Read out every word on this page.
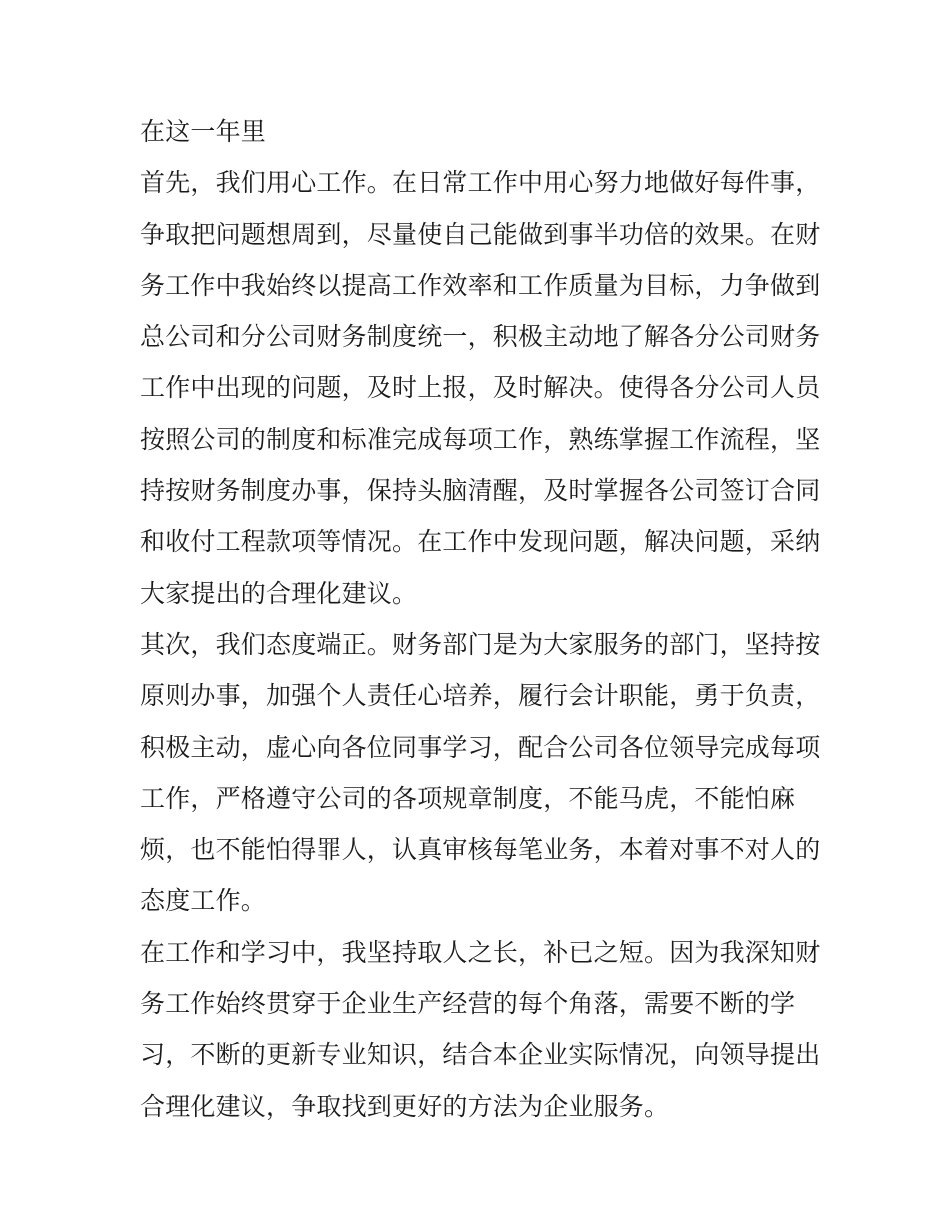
在这一年里
首先，我们用心工作。在日常工作中用心努力地做好每件事，
争取把问题想周到，尽量使自己能做到事半功倍的效果。在财
务工作中我始终以提高工作效率和工作质量为目标，力争做到
总公司和分公司财务制度统一，积极主动地了解各分公司财务
工作中出现的问题，及时上报，及时解决。使得各分公司人员
按照公司的制度和标准完成每项工作，熟练掌握工作流程，坚
持按财务制度办事，保持头脑清醒，及时掌握各公司签订合同
和收付工程款项等情况。在工作中发现问题，解决问题，采纳
大家提出的合理化建议。
其次，我们态度端正。财务部门是为大家服务的部门，坚持按
原则办事，加强个人责任心培养，履行会计职能，勇于负责，
积极主动，虚心向各位同事学习，配合公司各位领导完成每项
工作，严格遵守公司的各项规章制度，不能马虎，不能怕麻
烦，也不能怕得罪人，认真审核每笔业务，本着对事不对人的
态度工作。
在工作和学习中，我坚持取人之长，补已之短。因为我深知财
务工作始终贯穿于企业生产经营的每个角落，需要不断的学
习，不断的更新专业知识，结合本企业实际情况，向领导提出
合理化建议，争取找到更好的方法为企业服务。
